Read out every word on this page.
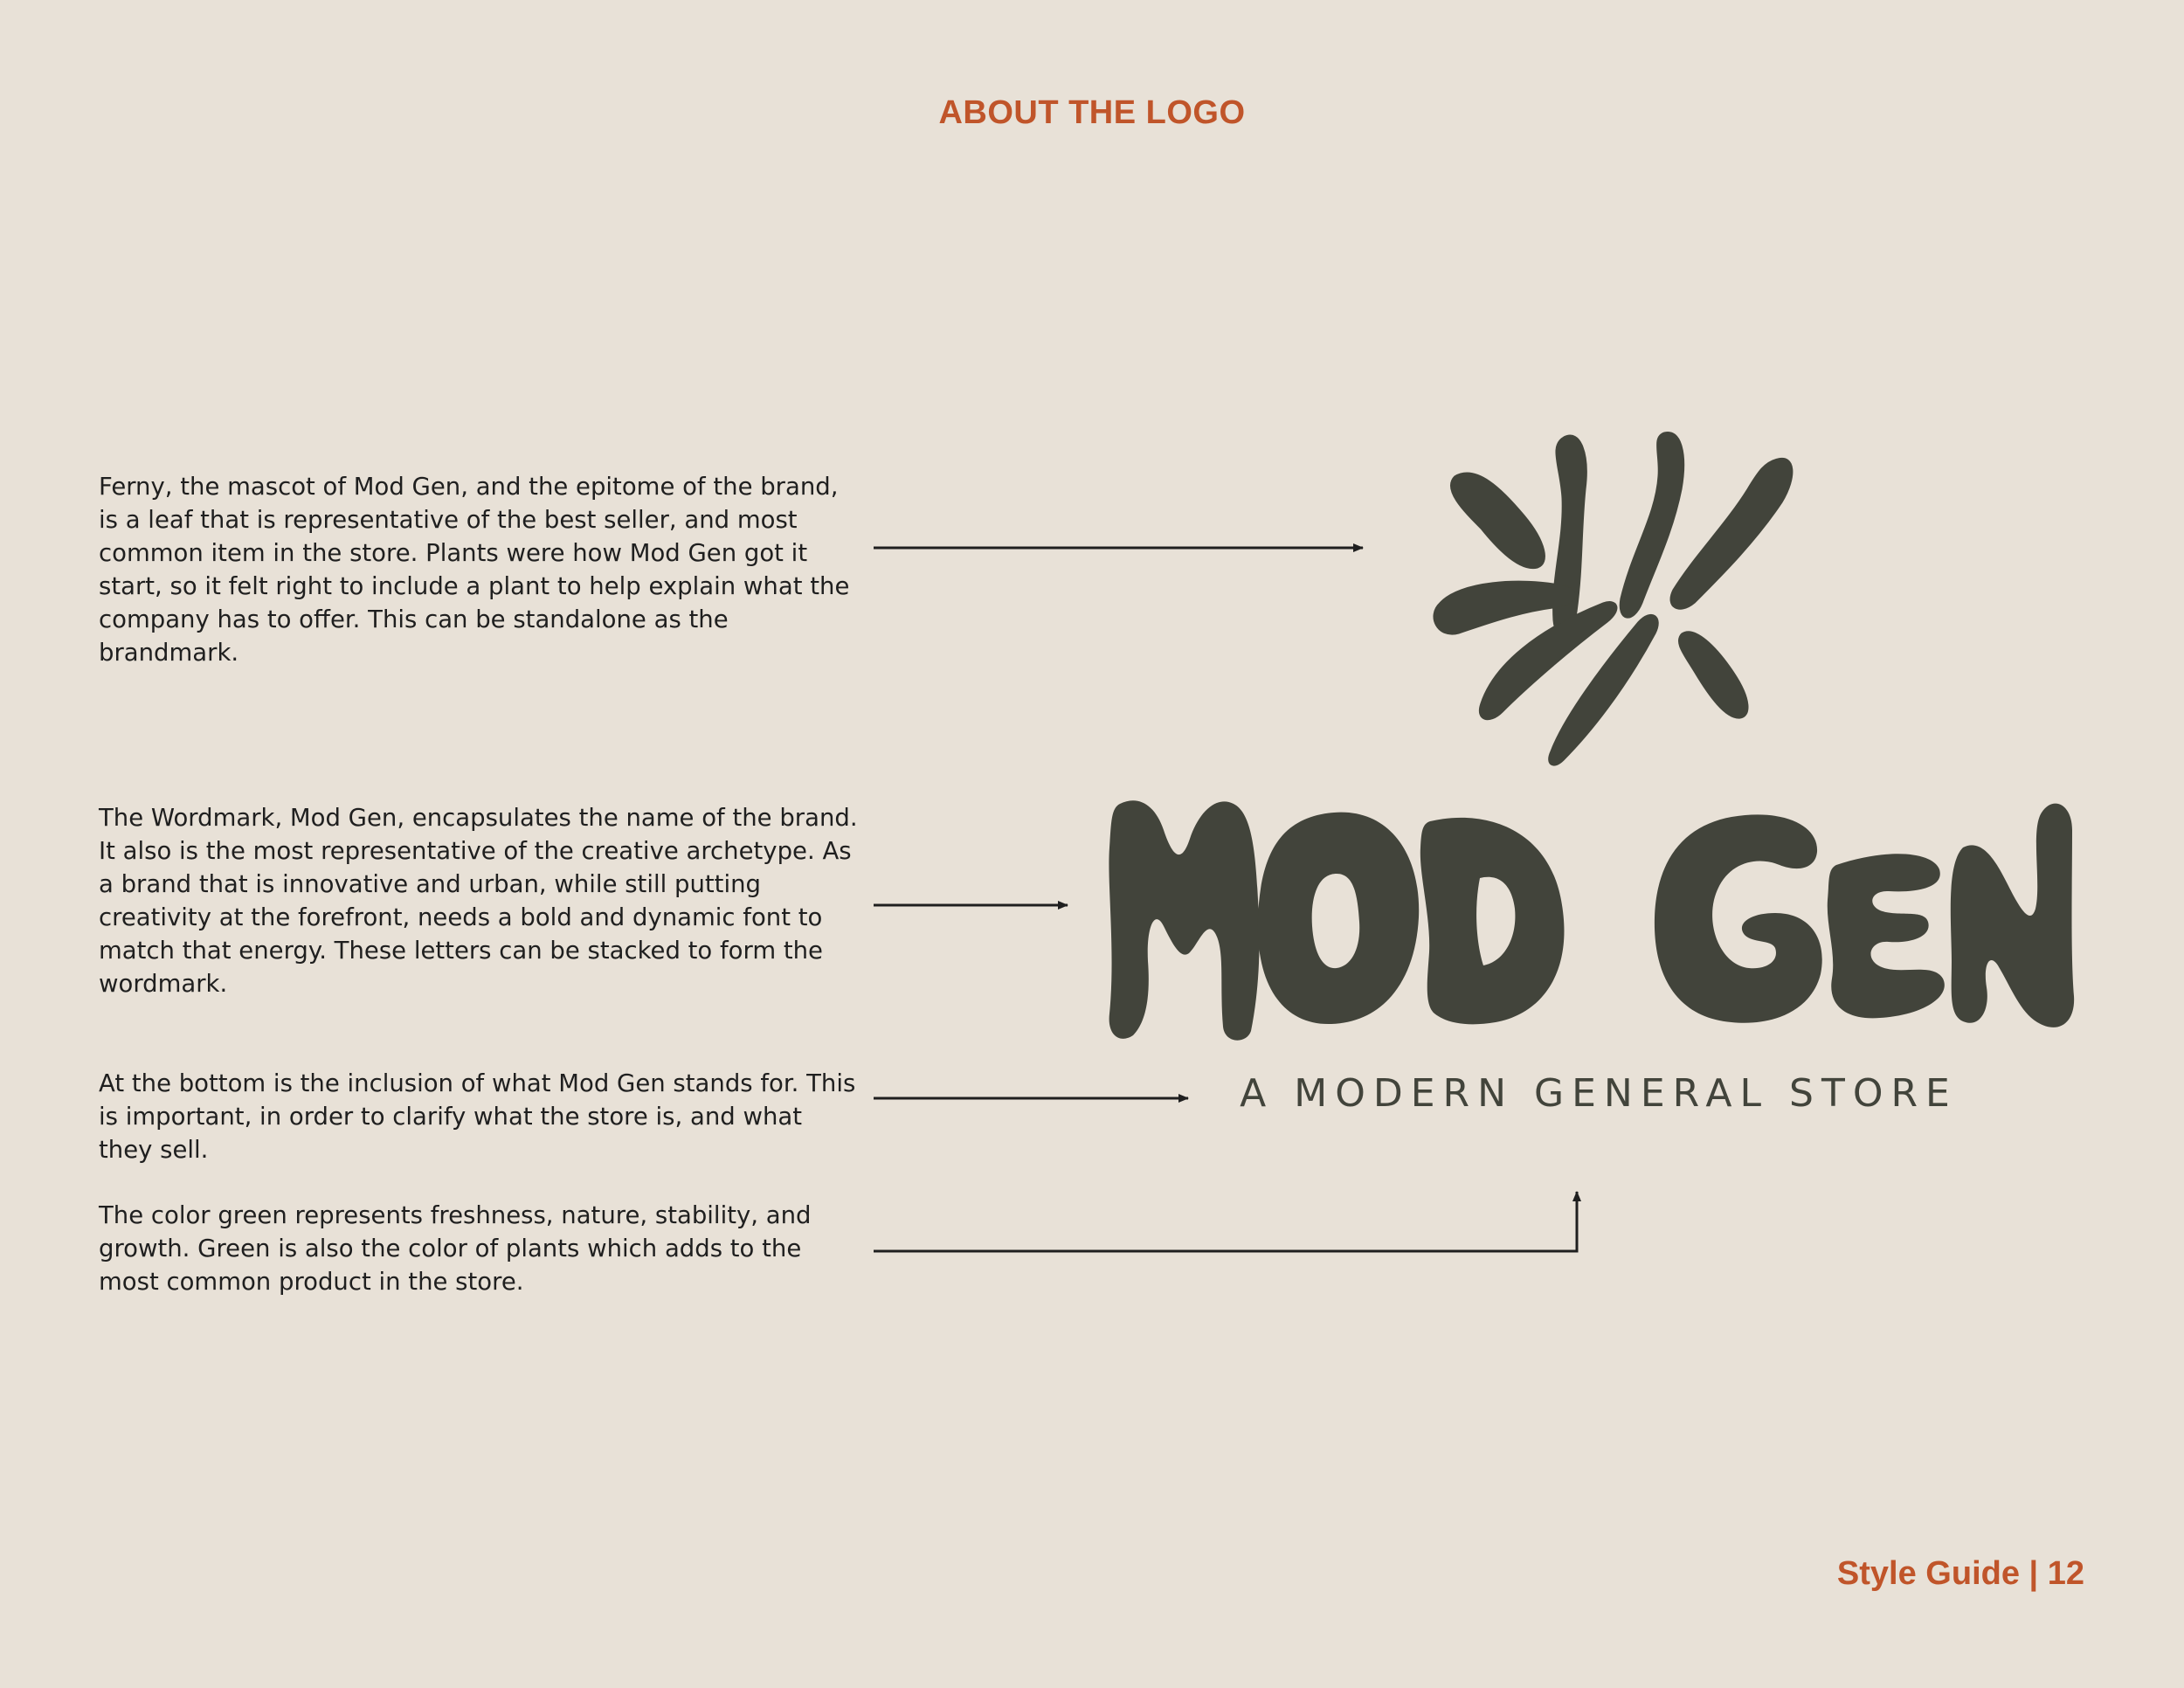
ABOUT THE LOGO

Ferny, the mascot of Mod Gen, and the epitome of the brand, is a leaf that is representative of the best seller, and most common item in the store. Plants were how Mod Gen got it start, so it felt right to include a plant to help explain what the company has to offer. This can be standalone as the brandmark.

The Wordmark, Mod Gen, encapsulates the name of the brand. It also is the most representative of the creative archetype. As a brand that is innovative and urban, while still putting creativity at the forefront, needs a bold and dynamic font to match that energy. These letters can be stacked to form the wordmark.

At the bottom is the inclusion of what Mod Gen stands for. This is important, in order to clarify what the store is, and what they sell.

The color green represents freshness, nature, stability, and growth. Green is also the color of plants which adds to the most common product in the store.

A MODERN GENERAL STORE
Style Guide | 12
